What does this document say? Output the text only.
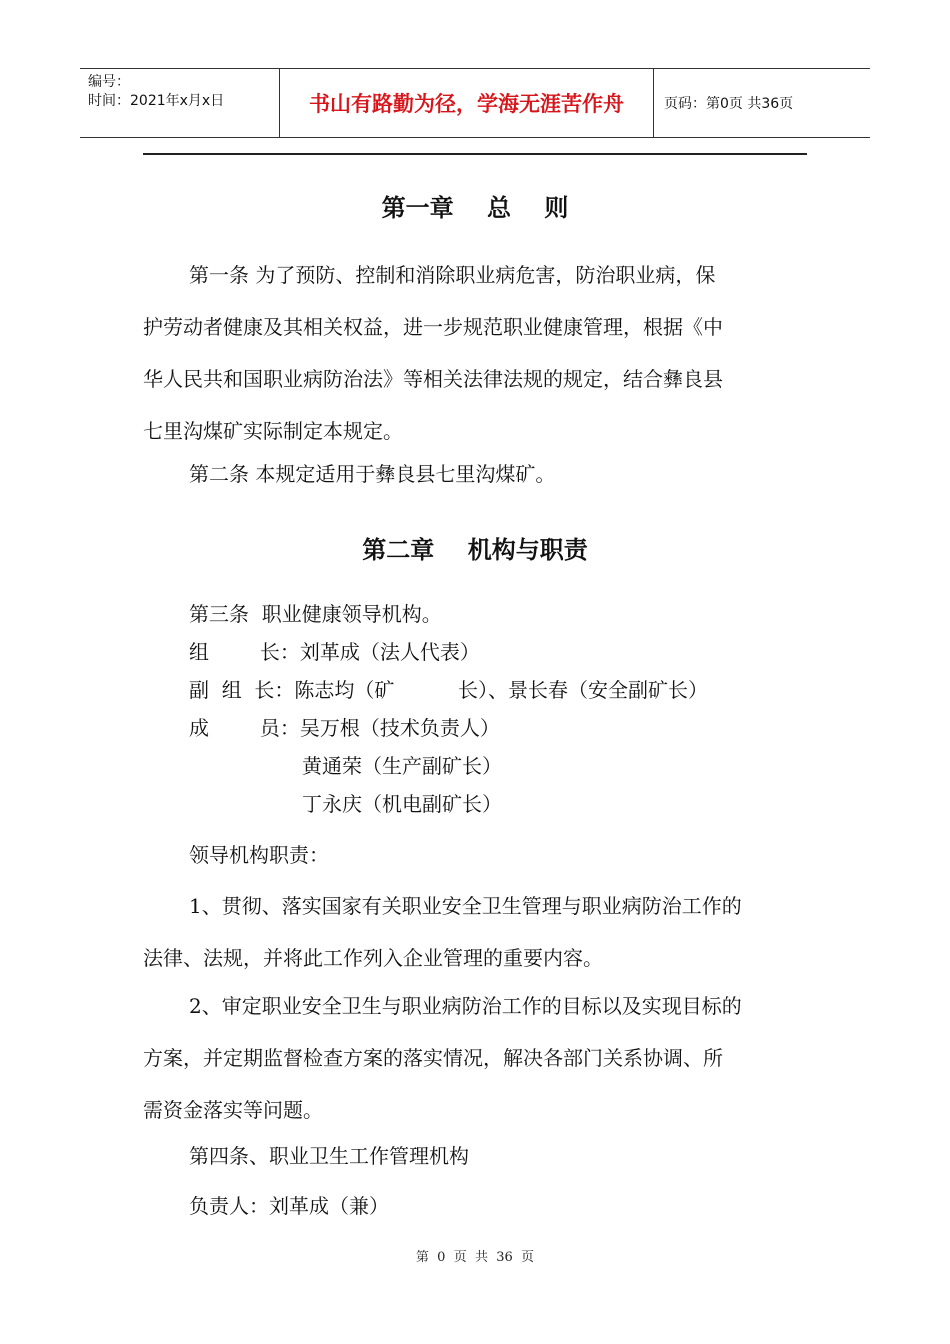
编号：
时间：2021年x月x日	书山有路勤为径，学海无涯苦作舟	页码：第0页 共36页
第一章    总    则
第一条 为了预防、控制和消除职业病危害，防治职业病，保
护劳动者健康及其相关权益，进一步规范职业健康管理，根据《中
华人民共和国职业病防治法》等相关法律法规的规定，结合彝良县
七里沟煤矿实际制定本规定。
第二条 本规定适用于彝良县七里沟煤矿。
第二章    机构与职责
第三条  职业健康领导机构。
组        长：刘革成（法人代表）
副  组  长：陈志均（矿          长）、景长春（安全副矿长）
成        员：吴万根（技术负责人）
黄通荣（生产副矿长）
丁永庆（机电副矿长）
领导机构职责：
1、贯彻、落实国家有关职业安全卫生管理与职业病防治工作的
法律、法规，并将此工作列入企业管理的重要内容。
2、审定职业安全卫生与职业病防治工作的目标以及实现目标的
方案，并定期监督检查方案的落实情况，解决各部门关系协调、所
需资金落实等问题。
第四条、职业卫生工作管理机构
负责人：刘革成（兼）
第  0  页  共  36  页
